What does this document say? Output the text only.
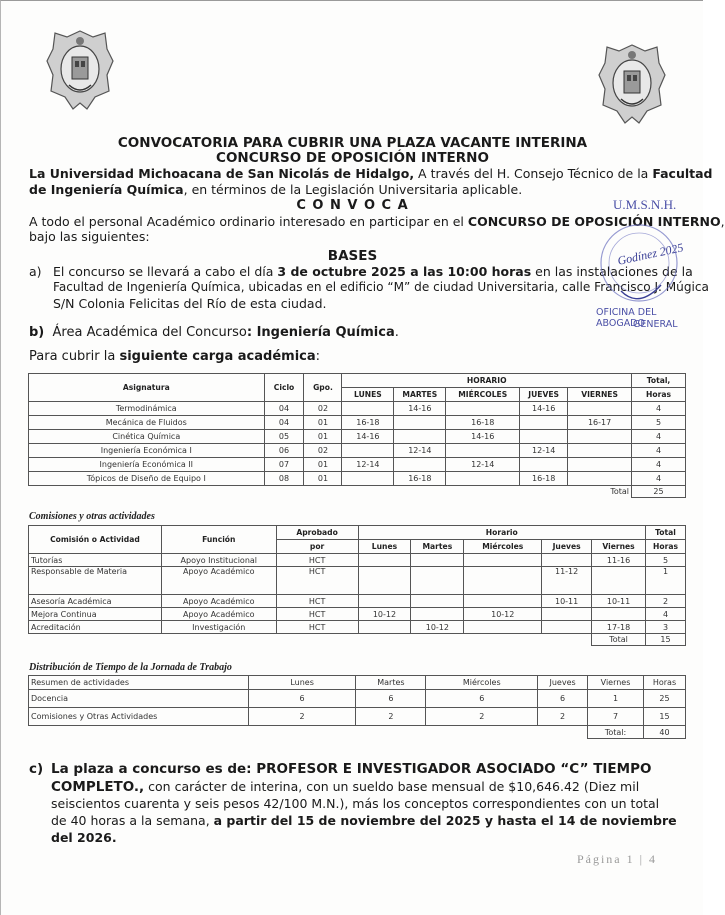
CONVOCATORIA PARA CUBRIR UNA PLAZA VACANTE INTERINA
CONCURSO DE OPOSICIÓN INTERNO
La Universidad Michoacana de San Nicolás de Hidalgo, A través del H. Consejo Técnico de la Facultad
de Ingeniería Química, en términos de la Legislación Universitaria aplicable.
C O N V O C A
A todo el personal Académico ordinario interesado en participar en el CONCURSO DE OPOSICIÓN INTERNO,
bajo las siguientes:
BASES
a) El concurso se llevará a cabo el día 3 de octubre 2025 a las 10:00 horas en las instalaciones de la
Facultad de Ingeniería Química, ubicadas en el edificio “M” de ciudad Universitaria, calle Francisco J. Múgica
S/N Colonia Felicitas del Río de esta ciudad.
b) Área Académica del Concurso: Ingeniería Química.
Para cubrir la siguiente carga académica:
U.M.S.N.H.
Godínez 2025
OFICINA DEL ABOGADO
GENERAL
Asignatura	Ciclo	Gpo.	HORARIO					Total,
			LUNES	MARTES	MIÉRCOLES	JUEVES	VIERNES	Horas
Termodinámica	04	02		14-16		14-16		4
Mecánica de Fluidos	04	01	16-18		16-18		16-17	5
Cinética Química	05	01	14-16		14-16			4
Ingeniería Económica I	06	02		12-14		12-14		4
Ingeniería Económica II	07	01	12-14		12-14			4
Tópicos de Diseño de Equipo I	08	01		16-18		16-18		4
							Total	25
Comisiones y otras actividades
Comisión o Actividad	Función	Aprobado	Horario					Total
		por	Lunes	Martes	Miércoles	Jueves	Viernes	Horas
Tutorías	Apoyo Institucional	HCT					11-16	5
Responsable de Materia	Apoyo Académico	HCT				11-12		1
Asesoría Académica	Apoyo Académico	HCT				10-11	10-11	2
Mejora Continua	Apoyo Académico	HCT	10-12		10-12			4
Acreditación	Investigación	HCT		10-12			17-18	3
							Total	15
Distribución de Tiempo de la Jornada de Trabajo
Resumen de actividades	Lunes	Martes	Miércoles	Jueves	Viernes	Horas
Docencia	6	6	6	6	1	25
Comisiones y Otras Actividades	2	2	2	2	7	15
					Total:	40
c) La plaza a concurso es de: PROFESOR E INVESTIGADOR ASOCIADO “C” TIEMPO
COMPLETO., con carácter de interina, con un sueldo base mensual de $10,646.42 (Diez mil
seiscientos cuarenta y seis pesos 42/100 M.N.), más los conceptos correspondientes con un total
de 40 horas a la semana, a partir del 15 de noviembre del 2025 y hasta el 14 de noviembre
del 2026.
Página 1 | 4
